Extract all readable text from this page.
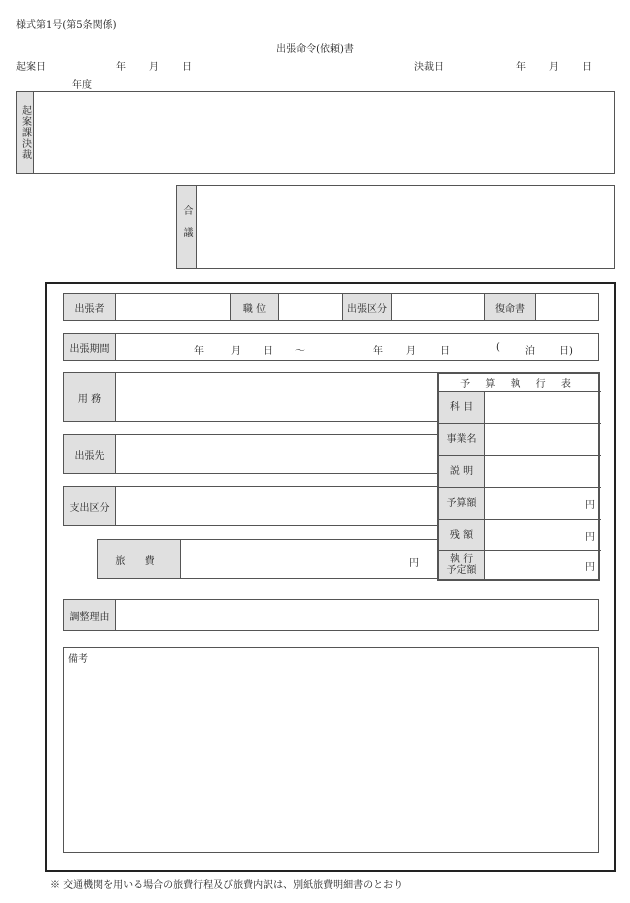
様式第1号(第5条関係)
出張命令(依頼)書
起案日	年 月 日	決裁日	年 月 日
年度
起案課決裁
合議
出張者	職 位	出張区分	復命書
出張期間	年	月 日 〜	年 月 日	(	泊 日)
用 務
出張先
支出区分
旅 費	円
予 算 執 行 表
科 目
事業名
説 明
予算額	円
残 額	円
執 行
予定額	円
調整理由
備考
※ 交通機関を用いる場合の旅費行程及び旅費内訳は、別紙旅費明細書のとおり
